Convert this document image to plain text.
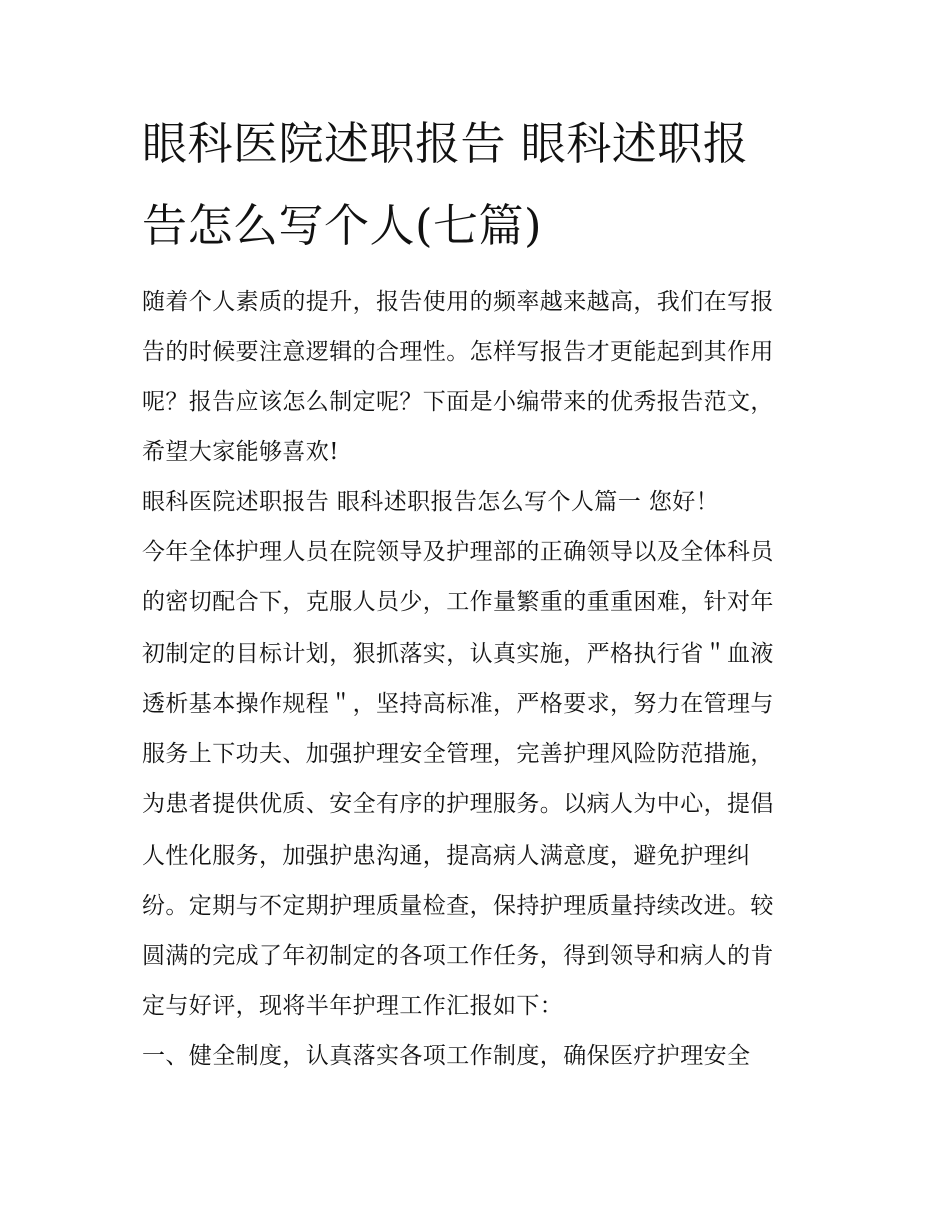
眼科医院述职报告 眼科述职报
告怎么写个人(七篇)
随着个人素质的提升，报告使用的频率越来越高，我们在写报
告的时候要注意逻辑的合理性。怎样写报告才更能起到其作用
呢？报告应该怎么制定呢？下面是小编带来的优秀报告范文，
希望大家能够喜欢!
眼科医院述职报告 眼科述职报告怎么写个人篇一 您好！
今年全体护理人员在院领导及护理部的正确领导以及全体科员
的密切配合下，克服人员少，工作量繁重的重重困难，针对年
初制定的目标计划，狠抓落实，认真实施，严格执行省＂血液
透析基本操作规程＂，坚持高标准，严格要求，努力在管理与
服务上下功夫、加强护理安全管理，完善护理风险防范措施，
为患者提供优质、安全有序的护理服务。以病人为中心，提倡
人性化服务，加强护患沟通，提高病人满意度，避免护理纠
纷。定期与不定期护理质量检查，保持护理质量持续改进。较
圆满的完成了年初制定的各项工作任务，得到领导和病人的肯
定与好评，现将半年护理工作汇报如下：
一、健全制度，认真落实各项工作制度，确保医疗护理安全
